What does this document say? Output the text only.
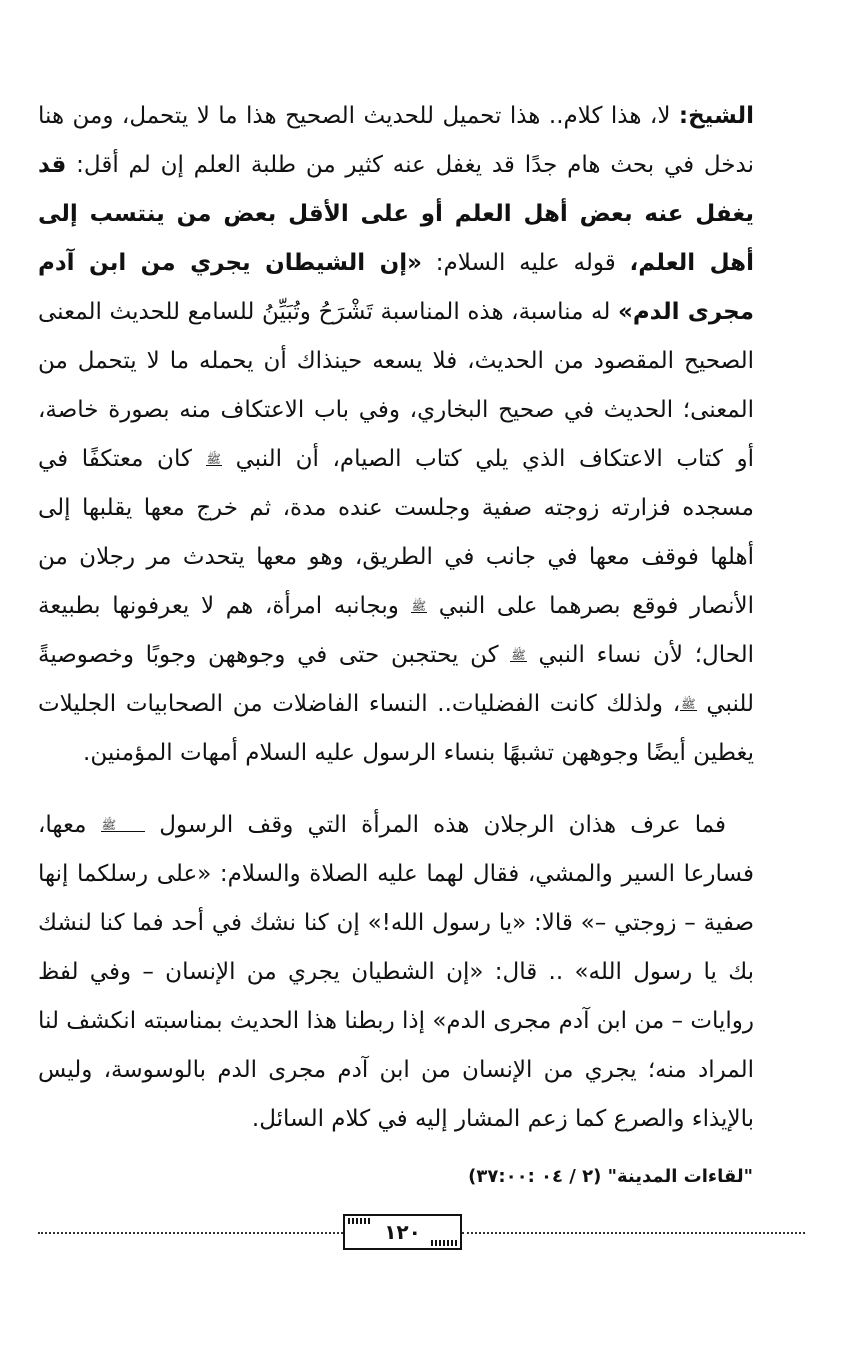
الشيخ: لا، هذا كلام.. هذا تحميل للحديث الصحيح هذا ما لا يتحمل، ومن هنا ندخل في بحث هام جدًا قد يغفل عنه كثير من طلبة العلم إن لم أقل: قد يغفل عنه بعض أهل العلم أو على الأقل بعض من ينتسب إلى أهل العلم، قوله عليه السلام: «إن الشيطان يجري من ابن آدم مجرى الدم» له مناسبة، هذه المناسبة تَشْرَحُ وتُبَيِّنُ للسامع للحديث المعنى الصحيح المقصود من الحديث، فلا يسعه حينذاك أن يحمله ما لا يتحمل من المعنى؛ الحديث في صحيح البخاري، وفي باب الاعتكاف منه بصورة خاصة، أو كتاب الاعتكاف الذي يلي كتاب الصيام، أن النبي ﷺ كان معتكفًا في مسجده فزارته زوجته صفية وجلست عنده مدة، ثم خرج معها يقلبها إلى أهلها فوقف معها في جانب في الطريق، وهو معها يتحدث مر رجلان من الأنصار فوقع بصرهما على النبي ﷺ وبجانبه امرأة، هم لا يعرفونها بطبيعة الحال؛ لأن نساء النبي ﷺ كن يحتجبن حتى في وجوههن وجوبًا وخصوصيةً للنبي ﷺ، ولذلك كانت الفضليات.. النساء الفاضلات من الصحابيات الجليلات يغطين أيضًا وجوههن تشبهًا بنساء الرسول عليه السلام أمهات المؤمنين.

فما عرف هذان الرجلان هذه المرأة التي وقف الرسول ﷺ معها، فسارعا السير والمشي، فقال لهما عليه الصلاة والسلام: «على رسلكما إنها صفية – زوجتي –» قالا: «يا رسول الله!» إن كنا نشك في أحد فما كنا لنشك بك يا رسول الله» .. قال: «إن الشطيان يجري من الإنسان – وفي لفظ روايات – من ابن آدم مجرى الدم» إذا ربطنا هذا الحديث بمناسبته انكشف لنا المراد منه؛ يجري من الإنسان من ابن آدم مجرى الدم بالوسوسة، وليس بالإيذاء والصرع كما زعم المشار إليه في كلام السائل.

"لقاءات المدينة" (٢ / ٠٤ :٣٧:٠٠)
١٢٠
